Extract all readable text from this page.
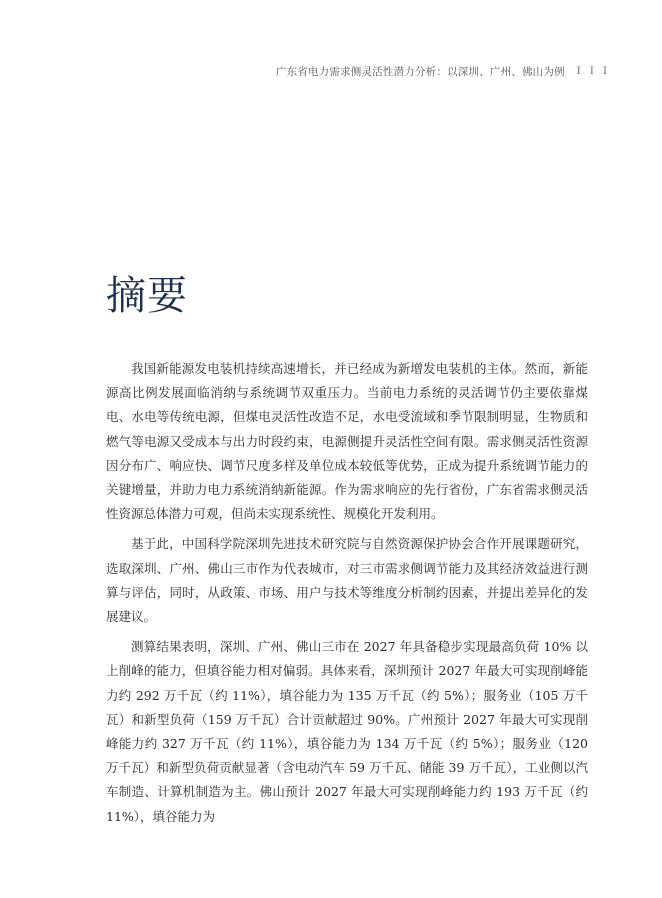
广东省电力需求侧灵活性潜力分析：以深圳、广州、佛山为例 I I I
摘要

我国新能源发电装机持续高速增长，并已经成为新增发电装机的主体。然而，新能源高比例发展面临消纳与系统调节双重压力。当前电力系统的灵活调节仍主要依靠煤电、水电等传统电源，但煤电灵活性改造不足，水电受流域和季节限制明显，生物质和燃气等电源又受成本与出力时段约束，电源侧提升灵活性空间有限。需求侧灵活性资源因分布广、响应快、调节尺度多样及单位成本较低等优势，正成为提升系统调节能力的关键增量，并助力电力系统消纳新能源。作为需求响应的先行省份，广东省需求侧灵活性资源总体潜力可观，但尚未实现系统性、规模化开发利用。

基于此，中国科学院深圳先进技术研究院与自然资源保护协会合作开展课题研究，选取深圳、广州、佛山三市作为代表城市，对三市需求侧调节能力及其经济效益进行测算与评估，同时，从政策、市场、用户与技术等维度分析制约因素，并提出差异化的发展建议。

测算结果表明，深圳、广州、佛山三市在 2027 年具备稳步实现最高负荷 10% 以上削峰的能力，但填谷能力相对偏弱。具体来看，深圳预计 2027 年最大可实现削峰能力约 292 万千瓦（约 11%），填谷能力为 135 万千瓦（约 5%）；服务业（105 万千瓦）和新型负荷（159 万千瓦）合计贡献超过 90%。广州预计 2027 年最大可实现削峰能力约 327 万千瓦（约 11%），填谷能力为 134 万千瓦（约 5%）；服务业（120 万千瓦）和新型负荷贡献显著（含电动汽车 59 万千瓦、储能 39 万千瓦），工业侧以汽车制造、计算机制造为主。佛山预计 2027 年最大可实现削峰能力约 193 万千瓦（约 11%），填谷能力为
